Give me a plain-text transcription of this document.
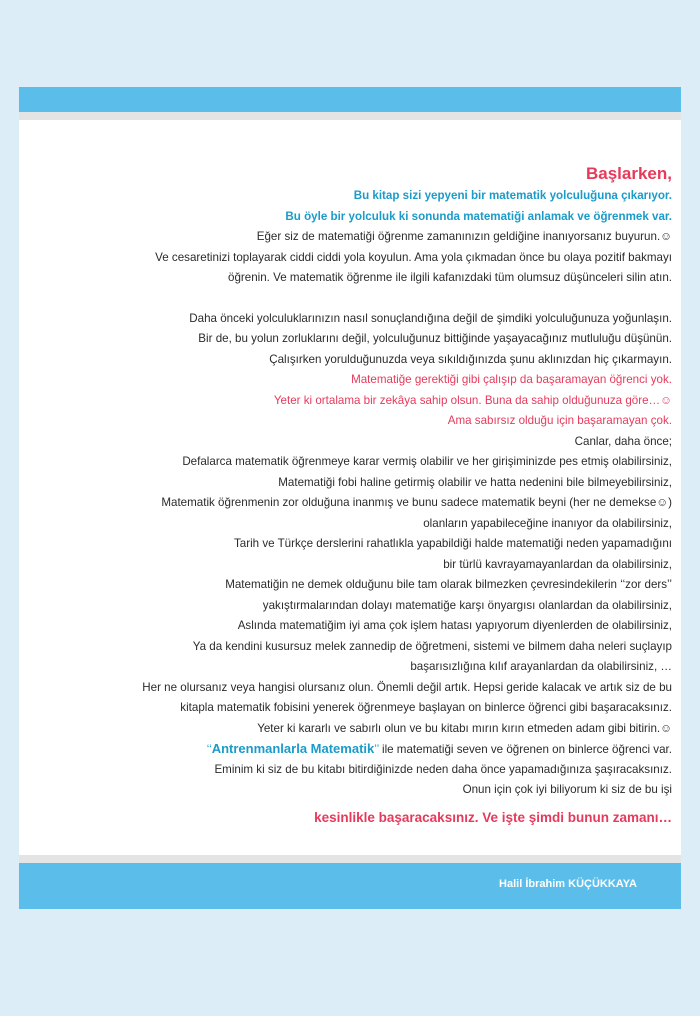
Halil İbrahim KÜÇÜKKAYA
Başlarken,
Bu kitap sizi yepyeni bir matematik yolculuğuna çıkarıyor.
Bu öyle bir yolculuk ki sonunda matematiği anlamak ve öğrenmek var.
Eğer siz de matematiği öğrenme zamanınızın geldiğine inanıyorsanız buyurun.☺
Ve cesaretinizi toplayarak ciddi ciddi yola koyulun. Ama yola çıkmadan önce bu olaya pozitif bakmayı
öğrenin. Ve matematik öğrenme ile ilgili kafanızdaki tüm olumsuz düşünceleri silin atın.
Daha önceki yolculuklarınızın nasıl sonuçlandığına değil de şimdiki yolculuğunuza yoğunlaşın.
Bir de, bu yolun zorluklarını değil, yolculuğunuz bittiğinde yaşayacağınız mutluluğu düşünün.
Çalışırken yorulduğunuzda veya sıkıldığınızda şunu aklınızdan hiç çıkarmayın.
Matematiğe gerektiği gibi çalışıp da başaramayan öğrenci yok.
Yeter ki ortalama bir zekâya sahip olsun. Buna da sahip olduğunuza göre…☺
Ama sabırsız olduğu için başaramayan çok.
Canlar, daha önce;
Defalarca matematik öğrenmeye karar vermiş olabilir ve her girişiminizde pes etmiş olabilirsiniz,
Matematiği fobi haline getirmiş olabilir ve hatta nedenini bile bilmeyebilirsiniz,
Matematik öğrenmenin zor olduğuna inanmış ve bunu sadece matematik beyni (her ne demekse☺)
olanların yapabileceğine inanıyor da olabilirsiniz,
Tarih ve Türkçe derslerini rahatlıkla yapabildiği halde matematiği neden yapamadığını
bir türlü kavrayamayanlardan da olabilirsiniz,
Matematiğin ne demek olduğunu bile tam olarak bilmezken çevresindekilerin ‘‘zor ders’’
yakıştırmalarından dolayı matematiğe karşı önyargısı olanlardan da olabilirsiniz,
Aslında matematiğim iyi ama çok işlem hatası yapıyorum diyenlerden de olabilirsiniz,
Ya da kendini kusursuz melek zannedip de öğretmeni, sistemi ve bilmem daha neleri suçlayıp
başarısızlığına kılıf arayanlardan da olabilirsiniz, …
Her ne olursanız veya hangisi olursanız olun. Önemli değil artık. Hepsi geride kalacak ve artık siz de bu
kitapla matematik fobisini yenerek öğrenmeye başlayan on binlerce öğrenci gibi başaracaksınız.
Yeter ki kararlı ve sabırlı olun ve bu kitabı mırın kırın etmeden adam gibi bitirin.☺
‘‘Antrenmanlarla Matematik’’ ile matematiği seven ve öğrenen on binlerce öğrenci var.
Eminim ki siz de bu kitabı bitirdiğinizde neden daha önce yapamadığınıza şaşıracaksınız.
Onun için çok iyi biliyorum ki siz de bu işi
kesinlikle başaracaksınız. Ve işte şimdi bunun zamanı…
